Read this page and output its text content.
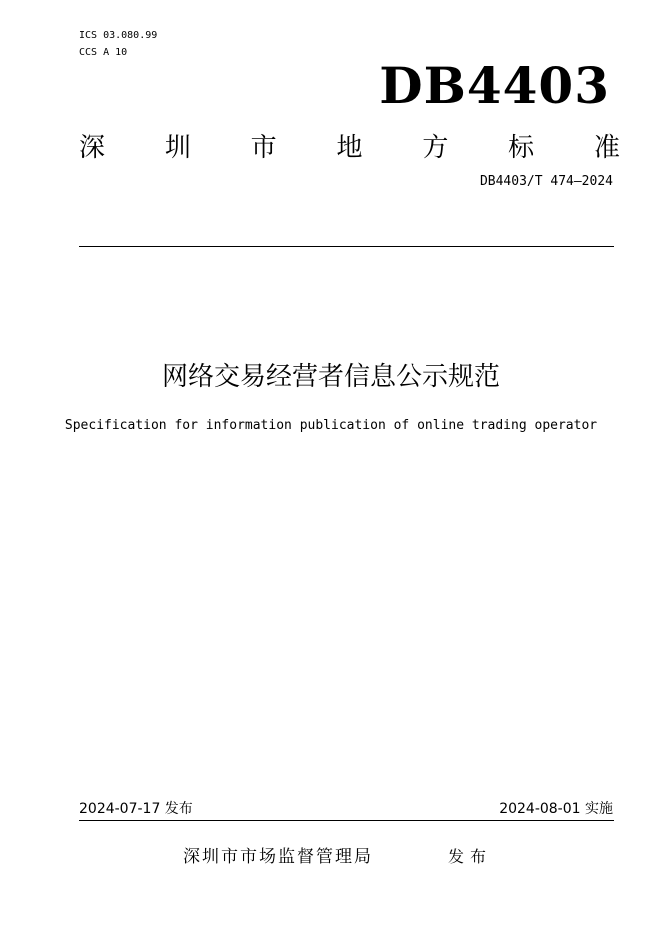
ICS 03.080.99
CCS A 10
DB4403
深 圳 市 地 方 标 准
DB4403/T 474—2024
网络交易经营者信息公示规范
Specification for information publication of online trading operator
2024-07-17 发布	2024-08-01 实施
深圳市市场监督管理局	发布
